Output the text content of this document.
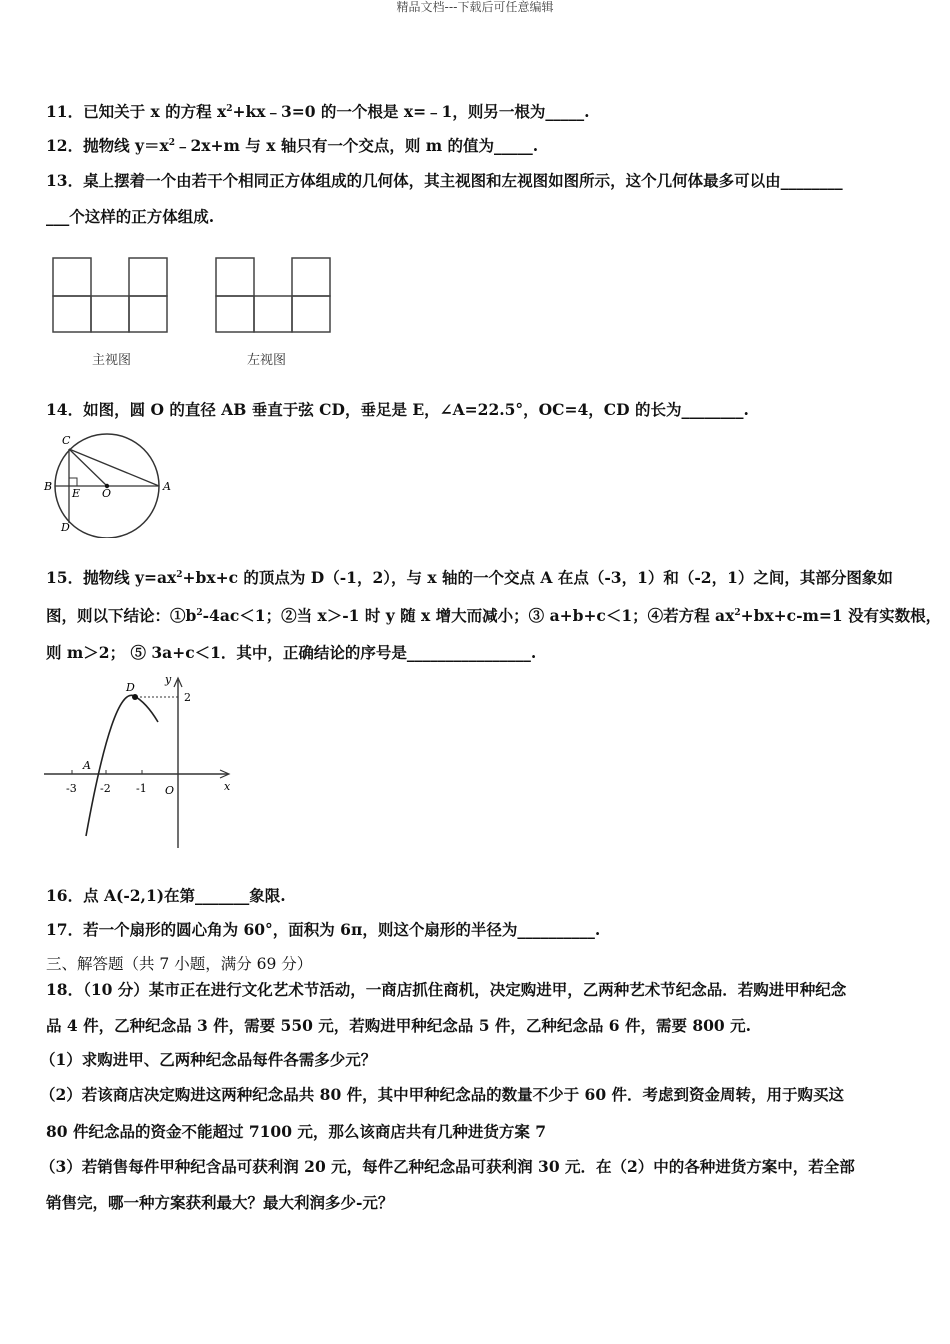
精品文档---下载后可任意编辑
11．已知关于 x 的方程 $x^2+kx﹣3=0$ 的一个根是 x=﹣1，则另一根为_____.
12．抛物线 $y=x^2﹣2x+m$ 与 x 轴只有一个交点，则 m 的值为_____.
13．桌上摆着一个由若干个相同正方体组成的几何体，其主视图和左视图如图所示，这个几何体最多可以由________
___个这样的正方体组成.
主视图	左视图
14．如图，圆 O 的直径 AB 垂直于弦 CD，垂足是 E，∠A=22.5°，OC=4，CD 的长为________.
C
B
E O
A
D
15．抛物线 $y=ax^2+bx+c$ 的顶点为 D（-1，2），与 x 轴的一个交点 A 在点（-3，1）和（-2，1）之间，其部分图象如
图，则以下结论：$①b^2-4ac<1$；②当 x＞-1 时 y 随 x 增大而减小；③ a+b+c＜1；④若方程 $ax^2+bx+c-m=1$ 没有实数根，
则 m＞2； ⑤ 3a+c＜1．其中，正确结论的序号是________________.
D
A
y
2
x
-3 -2 -1 O
16．点 A(-2,1)在第_______象限.
17．若一个扇形的圆心角为 60°，面积为 6π，则这个扇形的半径为__________.
三、解答题（共 7 小题，满分 69 分）
18．（10 分）某市正在进行文化艺术节活动，一商店抓住商机，决定购进甲，乙两种艺术节纪念品．若购进甲种纪念
品 4 件，乙种纪念品 3 件，需要 550 元，若购进甲种纪念品 5 件，乙种纪念品 6 件，需要 800 元.
（1）求购进甲、乙两种纪念品每件各需多少元？
（2）若该商店决定购进这两种纪念品共 80 件，其中甲种纪念品的数量不少于 60 件．考虑到资金周转，用于购买这
80 件纪念品的资金不能超过 7100 元，那么该商店共有几种进货方案 7
（3）若销售每件甲种纪含品可获利润 20 元，每件乙种纪念品可获利润 30 元．在（2）中的各种进货方案中，若全部
销售完，哪一种方案获利最大？最大利润多少-元？
